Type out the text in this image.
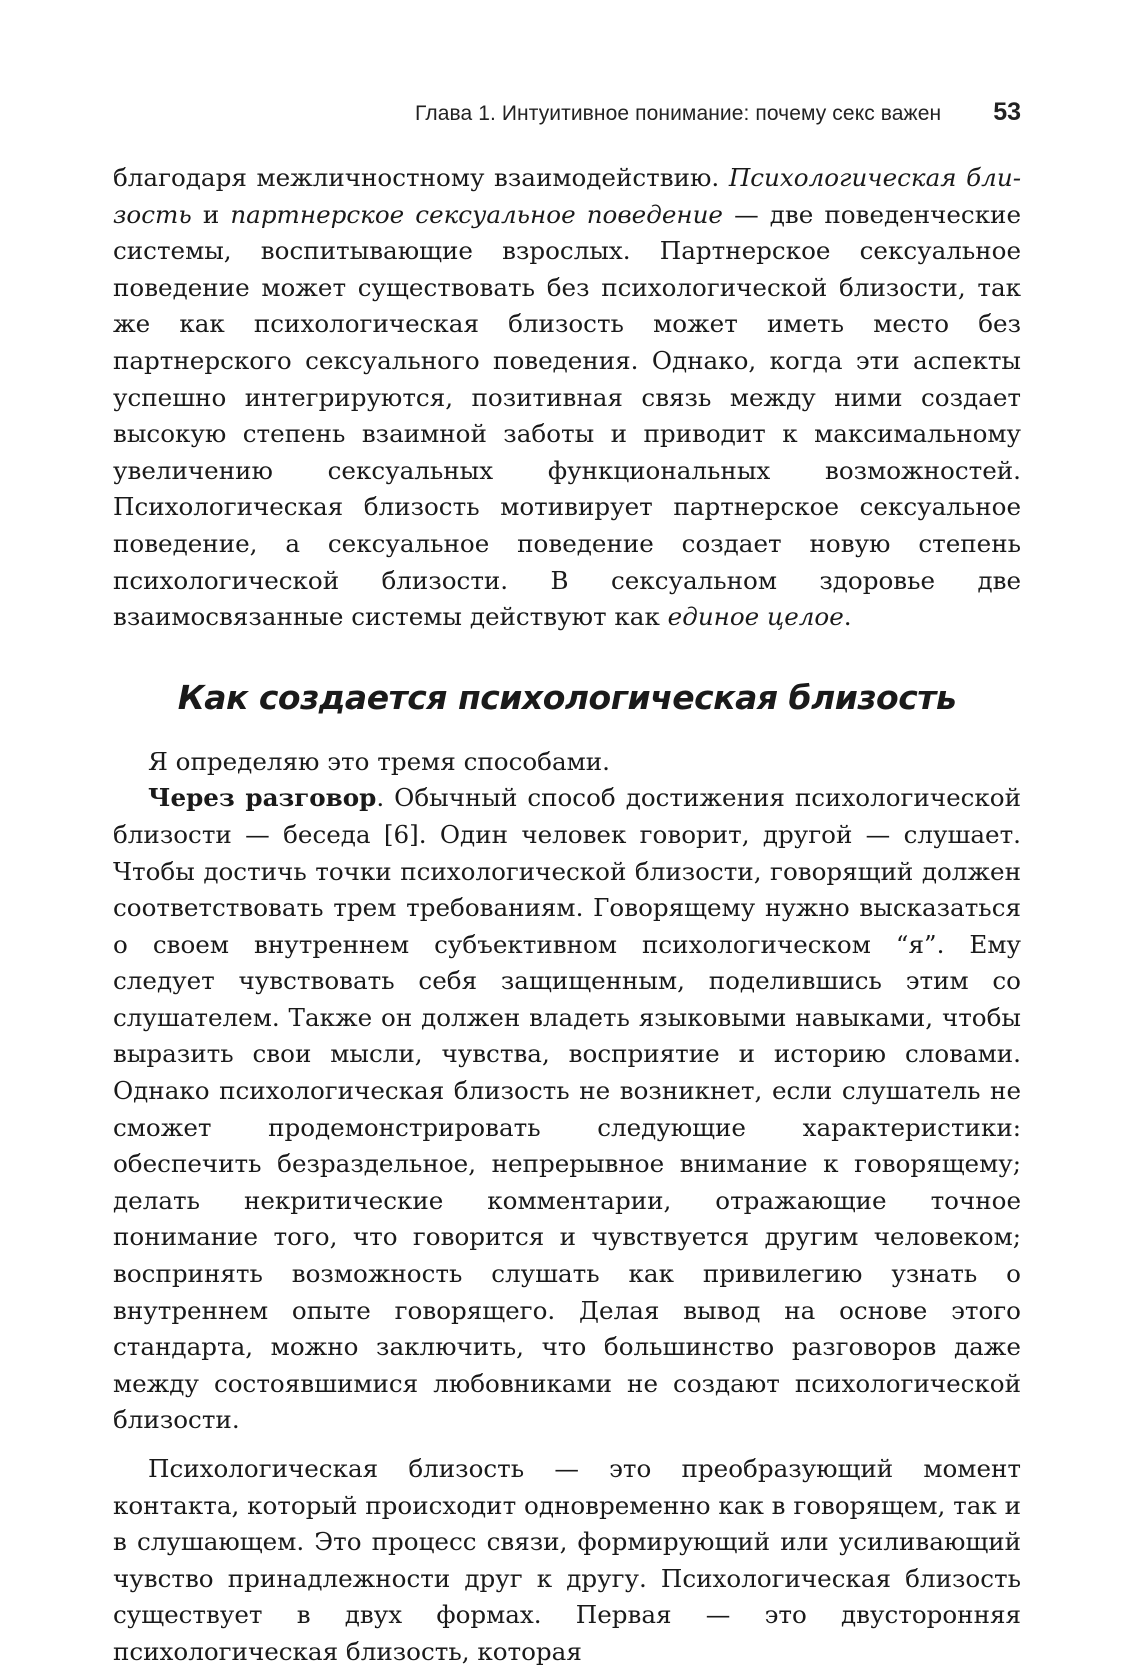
Глава 1. Интуитивное понимание: почему секс важен 53

благодаря межличностному взаимодействию. Психологическая близость и партнерское сексуальное поведение — две поведенческие системы, воспитывающие взрослых. Партнерское сексуальное поведение может существовать без психологической близости, так же как психологическая близость может иметь место без партнерского сексуального поведения. Однако, когда эти аспекты успешно интегрируются, позитивная связь между ними создает высокую степень взаимной заботы и приводит к максимальному увеличению сексуальных функциональных возможностей. Психологическая близость мотивирует партнерское сексуальное поведение, а сексуальное поведение создает новую степень психологической близости. В сексуальном здоровье две взаимосвязанные системы действуют как единое целое.

Как создается психологическая близость

Я определяю это тремя способами.

Через разговор. Обычный способ достижения психологической близости — беседа [6]. Один человек говорит, другой — слушает. Чтобы достичь точки психологической близости, говорящий должен соответствовать трем требованиям. Говорящему нужно высказаться о своем внутреннем субъективном психологическом “я”. Ему следует чувствовать себя защищенным, поделившись этим со слушателем. Также он должен владеть языковыми навыками, чтобы выразить свои мысли, чувства, восприятие и историю словами. Однако психологическая близость не возникнет, если слушатель не сможет продемонстрировать следующие характеристики: обеспечить безраздельное, непрерывное внимание к говорящему; делать некритические комментарии, отражающие точное понимание того, что говорится и чувствуется другим человеком; воспринять возможность слушать как привилегию узнать о внутреннем опыте говорящего. Делая вывод на основе этого стандарта, можно заключить, что большинство разговоров даже между состоявшимися любовниками не создают психологической близости.

Психологическая близость — это преобразующий момент контакта, который происходит одновременно как в говорящем, так и в слушающем. Это процесс связи, формирующий или усиливающий чувство принадлежности друг к другу. Психологическая близость существует в двух формах. Первая — это двусторонняя психологическая близость, которая
